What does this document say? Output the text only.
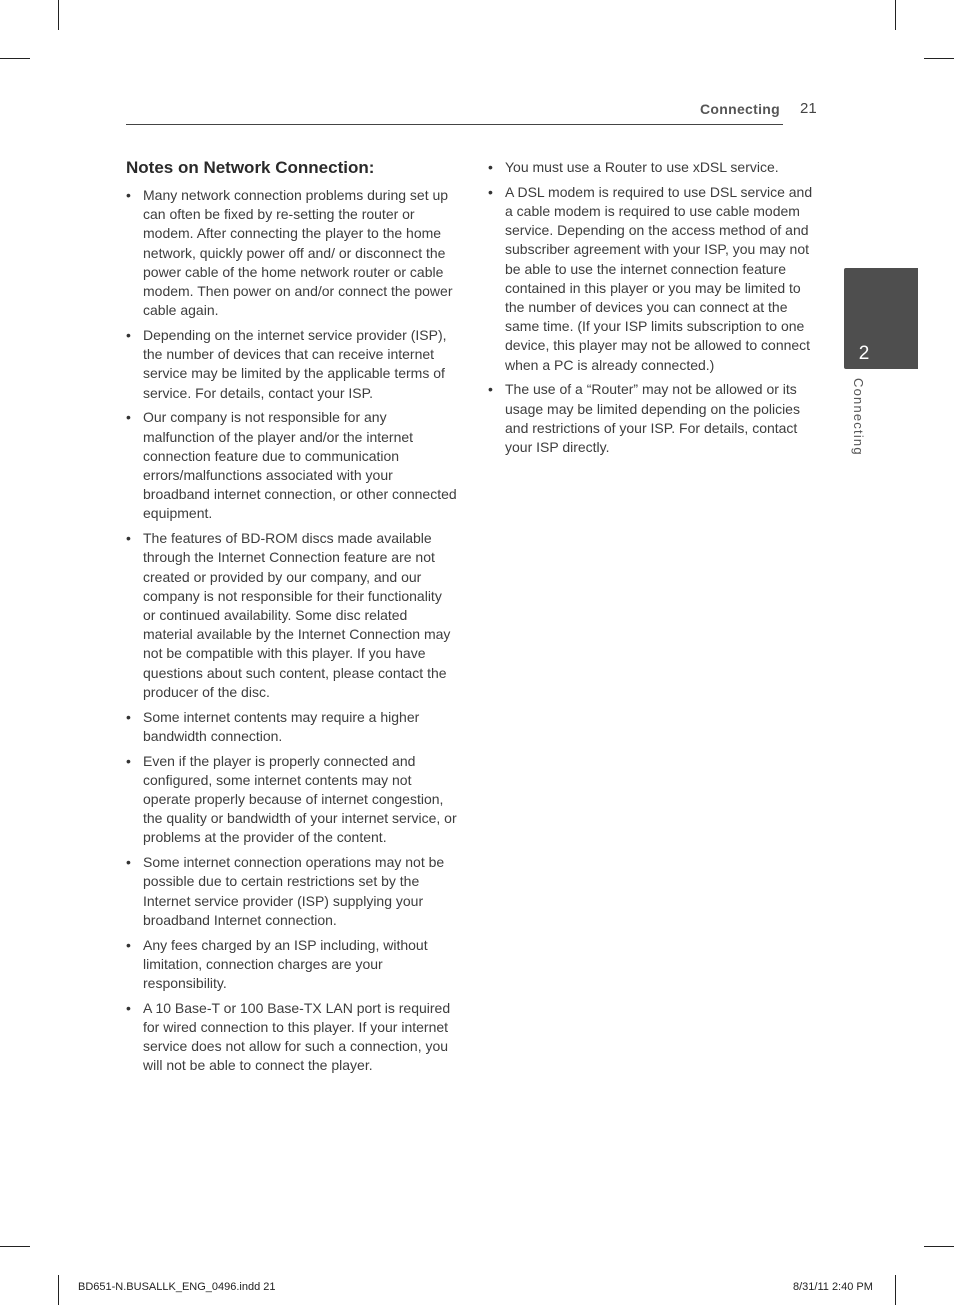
Connecting 21
Notes on Network Connection:
• Many network connection problems during set up can often be fixed by re-setting the router or modem. After connecting the player to the home network, quickly power off and/ or disconnect the power cable of the home network router or cable modem. Then power on and/or connect the power cable again.
• Depending on the internet service provider (ISP), the number of devices that can receive internet service may be limited by the applicable terms of service. For details, contact your ISP.
• Our company is not responsible for any malfunction of the player and/or the internet connection feature due to communication errors/malfunctions associated with your broadband internet connection, or other connected equipment.
• The features of BD-ROM discs made available through the Internet Connection feature are not created or provided by our company, and our company is not responsible for their functionality or continued availability. Some disc related material available by the Internet Connection may not be compatible with this player. If you have questions about such content, please contact the producer of the disc.
• Some internet contents may require a higher bandwidth connection.
• Even if the player is properly connected and configured, some internet contents may not operate properly because of internet congestion, the quality or bandwidth of your internet service, or problems at the provider of the content.
• Some internet connection operations may not be possible due to certain restrictions set by the Internet service provider (ISP) supplying your broadband Internet connection.
• Any fees charged by an ISP including, without limitation, connection charges are your responsibility.
• A 10 Base-T or 100 Base-TX LAN port is required for wired connection to this player. If your internet service does not allow for such a connection, you will not be able to connect the player.
• You must use a Router to use xDSL service.
• A DSL modem is required to use DSL service and a cable modem is required to use cable modem service. Depending on the access method of and subscriber agreement with your ISP, you may not be able to use the internet connection feature contained in this player or you may be limited to the number of devices you can connect at the same time. (If your ISP limits subscription to one device, this player may not be allowed to connect when a PC is already connected.)
• The use of a “Router” may not be allowed or its usage may be limited depending on the policies and restrictions of your ISP. For details, contact your ISP directly.
2
Connecting
BD651-N.BUSALLK_ENG_0496.indd 21	8/31/11 2:40 PM
